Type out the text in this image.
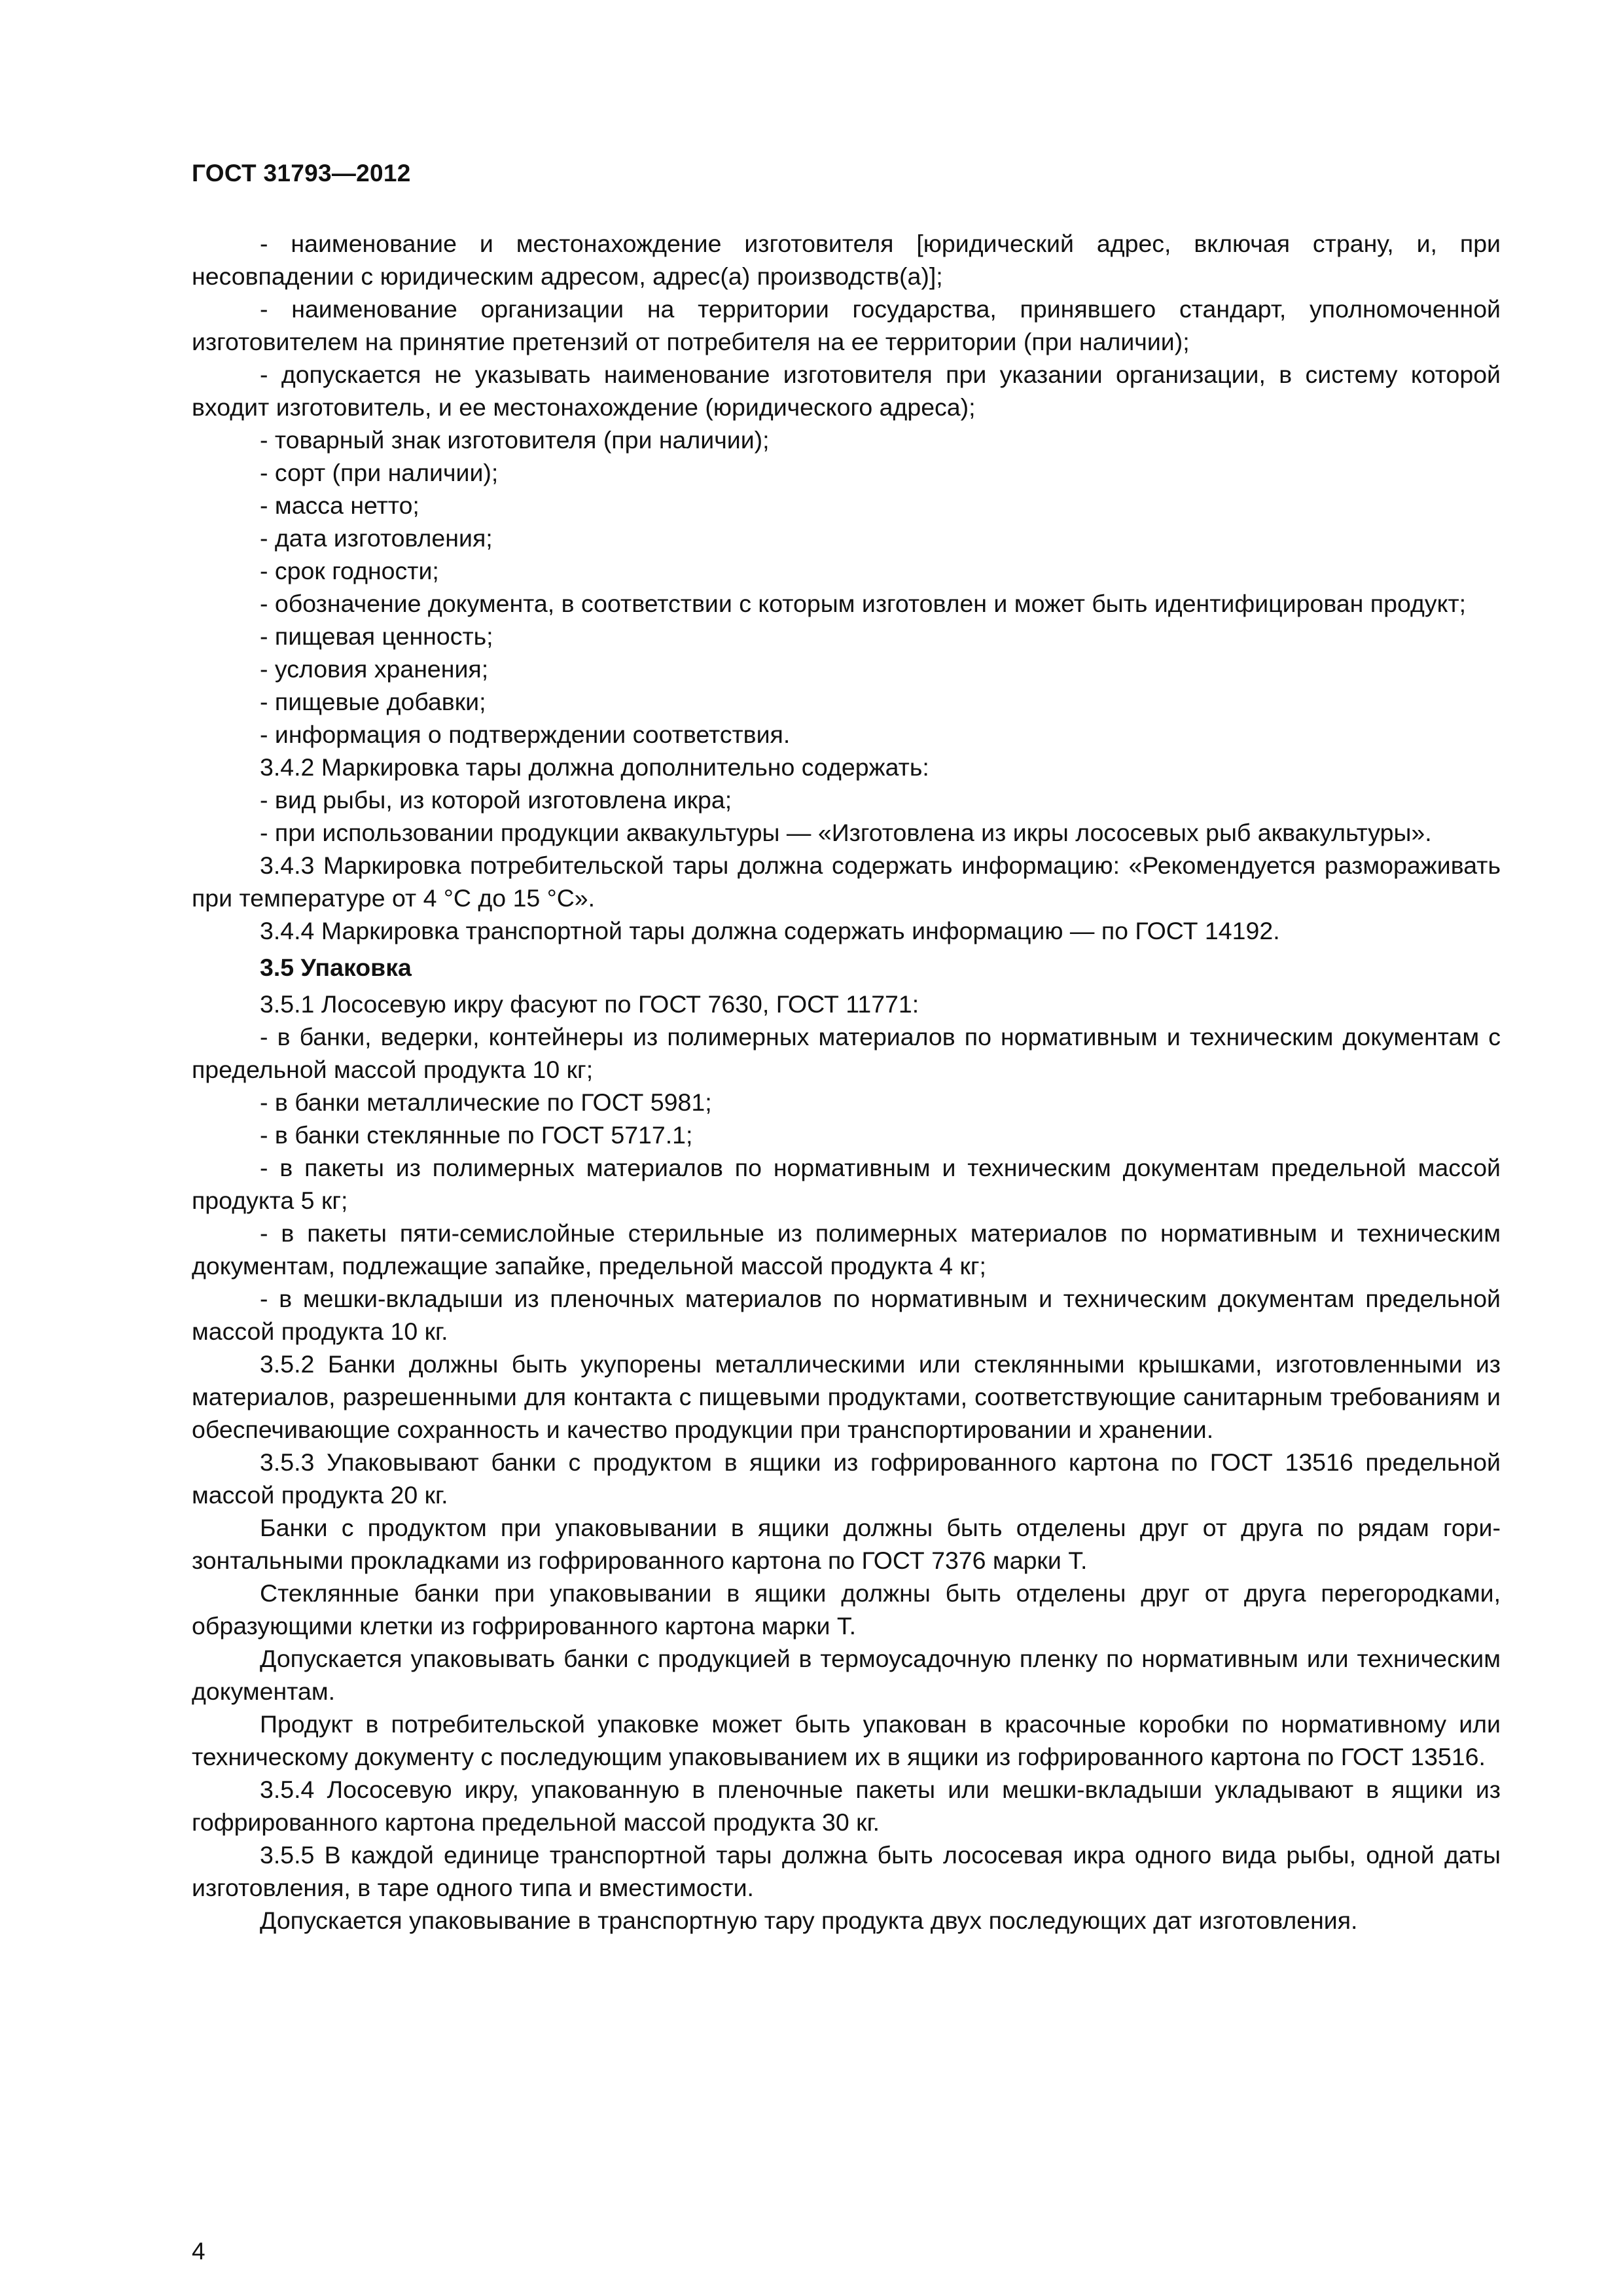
ГОСТ 31793—2012

- наименование и местонахождение изготовителя [юридический адрес, включая страну, и, при несовпадении с юридическим адресом, адрес(а) производств(а)];

- наименование организации на территории государства, принявшего стандарт, уполномоченной изготовителем на принятие претензий от потребителя на ее территории (при наличии);

- допускается не указывать наименование изготовителя при указании организации, в систему которой входит изготовитель, и ее местонахождение (юридического адреса);

- товарный знак изготовителя (при наличии);

- сорт (при наличии);

- масса нетто;

- дата изготовления;

- срок годности;

- обозначение документа, в соответствии с которым изготовлен и может быть идентифицирован продукт;

- пищевая ценность;

- условия хранения;

- пищевые добавки;

- информация о подтверждении соответствия.

3.4.2 Маркировка тары должна дополнительно содержать:

- вид рыбы, из которой изготовлена икра;

- при использовании продукции аквакультуры — «Изготовлена из икры лососевых рыб аквакультуры».

3.4.3 Маркировка потребительской тары должна содержать информацию: «Рекомендуется размораживать при температуре от 4 °С до 15 °С».

3.4.4 Маркировка транспортной тары должна содержать информацию — по ГОСТ 14192.

3.5 Упаковка

3.5.1 Лососевую икру фасуют по ГОСТ 7630, ГОСТ 11771:

- в банки, ведерки, контейнеры из полимерных материалов по нормативным и техническим документам с предельной массой продукта 10 кг;

- в банки металлические по ГОСТ 5981;

- в банки стеклянные по ГОСТ 5717.1;

- в пакеты из полимерных материалов по нормативным и техническим документам предельной массой продукта 5 кг;

- в пакеты пяти-семислойные стерильные из полимерных материалов по нормативным и техническим документам, подлежащие запайке, предельной массой продукта 4 кг;

- в мешки-вкладыши из пленочных материалов по нормативным и техническим документам предельной массой продукта 10 кг.

3.5.2 Банки должны быть укупорены металлическими или стеклянными крышками, изготовленными из материалов, разрешенными для контакта с пищевыми продуктами, соответствующие санитарным требованиям и обеспечивающие сохранность и качество продукции при транспортировании и хранении.

3.5.3 Упаковывают банки с продуктом в ящики из гофрированного картона по ГОСТ 13516 предельной массой продукта 20 кг.

Банки с продуктом при упаковывании в ящики должны быть отделены друг от друга по рядам горизонтальными прокладками из гофрированного картона по ГОСТ 7376 марки Т.

Стеклянные банки при упаковывании в ящики должны быть отделены друг от друга перегородками, образующими клетки из гофрированного картона марки Т.

Допускается упаковывать банки с продукцией в термоусадочную пленку по нормативным или техническим документам.

Продукт в потребительской упаковке может быть упакован в красочные коробки по нормативному или техническому документу с последующим упаковыванием их в ящики из гофрированного картона по ГОСТ 13516.

3.5.4 Лососевую икру, упакованную в пленочные пакеты или мешки-вкладыши укладывают в ящики из гофрированного картона предельной массой продукта 30 кг.

3.5.5 В каждой единице транспортной тары должна быть лососевая икра одного вида рыбы, одной даты изготовления, в таре одного типа и вместимости.

Допускается упаковывание в транспортную тару продукта двух последующих дат изготовления.

4
